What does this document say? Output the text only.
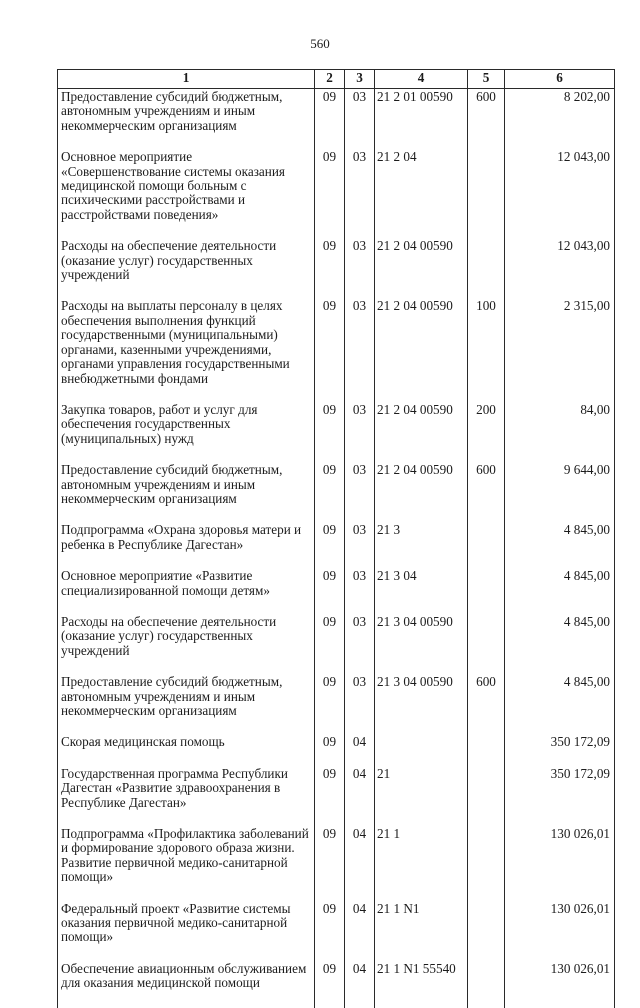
560
1	2	3	4	5	6
Предоставление субсидий бюджетным, автономным учреждениям и иным некоммерческим организациям	09	03	21 2 01 00590	600	8 202,00
Основное мероприятие «Совершенствование системы оказания медицинской помощи больным с психическими расстройствами и расстройствами поведения»	09	03	21 2 04		12 043,00
Расходы на обеспечение деятельности (оказание услуг) государственных учреждений	09	03	21 2 04 00590		12 043,00
Расходы на выплаты персоналу в целях обеспечения выполнения функций государственными (муниципальными) органами, казенными учреждениями, органами управления государственными внебюджетными фондами	09	03	21 2 04 00590	100	2 315,00
Закупка товаров, работ и услуг для обеспечения государственных (муниципальных) нужд	09	03	21 2 04 00590	200	84,00
Предоставление субсидий бюджетным, автономным учреждениям и иным некоммерческим организациям	09	03	21 2 04 00590	600	9 644,00
Подпрограмма «Охрана здоровья матери и ребенка в Республике Дагестан»	09	03	21 3		4 845,00
Основное мероприятие «Развитие специализированной помощи детям»	09	03	21 3 04		4 845,00
Расходы на обеспечение деятельности (оказание услуг) государственных учреждений	09	03	21 3 04 00590		4 845,00
Предоставление субсидий бюджетным, автономным учреждениям и иным некоммерческим организациям	09	03	21 3 04 00590	600	4 845,00
Скорая медицинская помощь	09	04			350 172,09
Государственная программа Республики Дагестан «Развитие здравоохранения в Республике Дагестан»	09	04	21		350 172,09
Подпрограмма «Профилактика заболеваний и формирование здорового образа жизни. Развитие первичной медико-санитарной помощи»	09	04	21 1		130 026,01
Федеральный проект «Развитие системы оказания первичной медико-санитарной помощи»	09	04	21 1 N1		130 026,01
Обеспечение авиационным обслуживанием для оказания медицинской помощи	09	04	21 1 N1 55540		130 026,01
